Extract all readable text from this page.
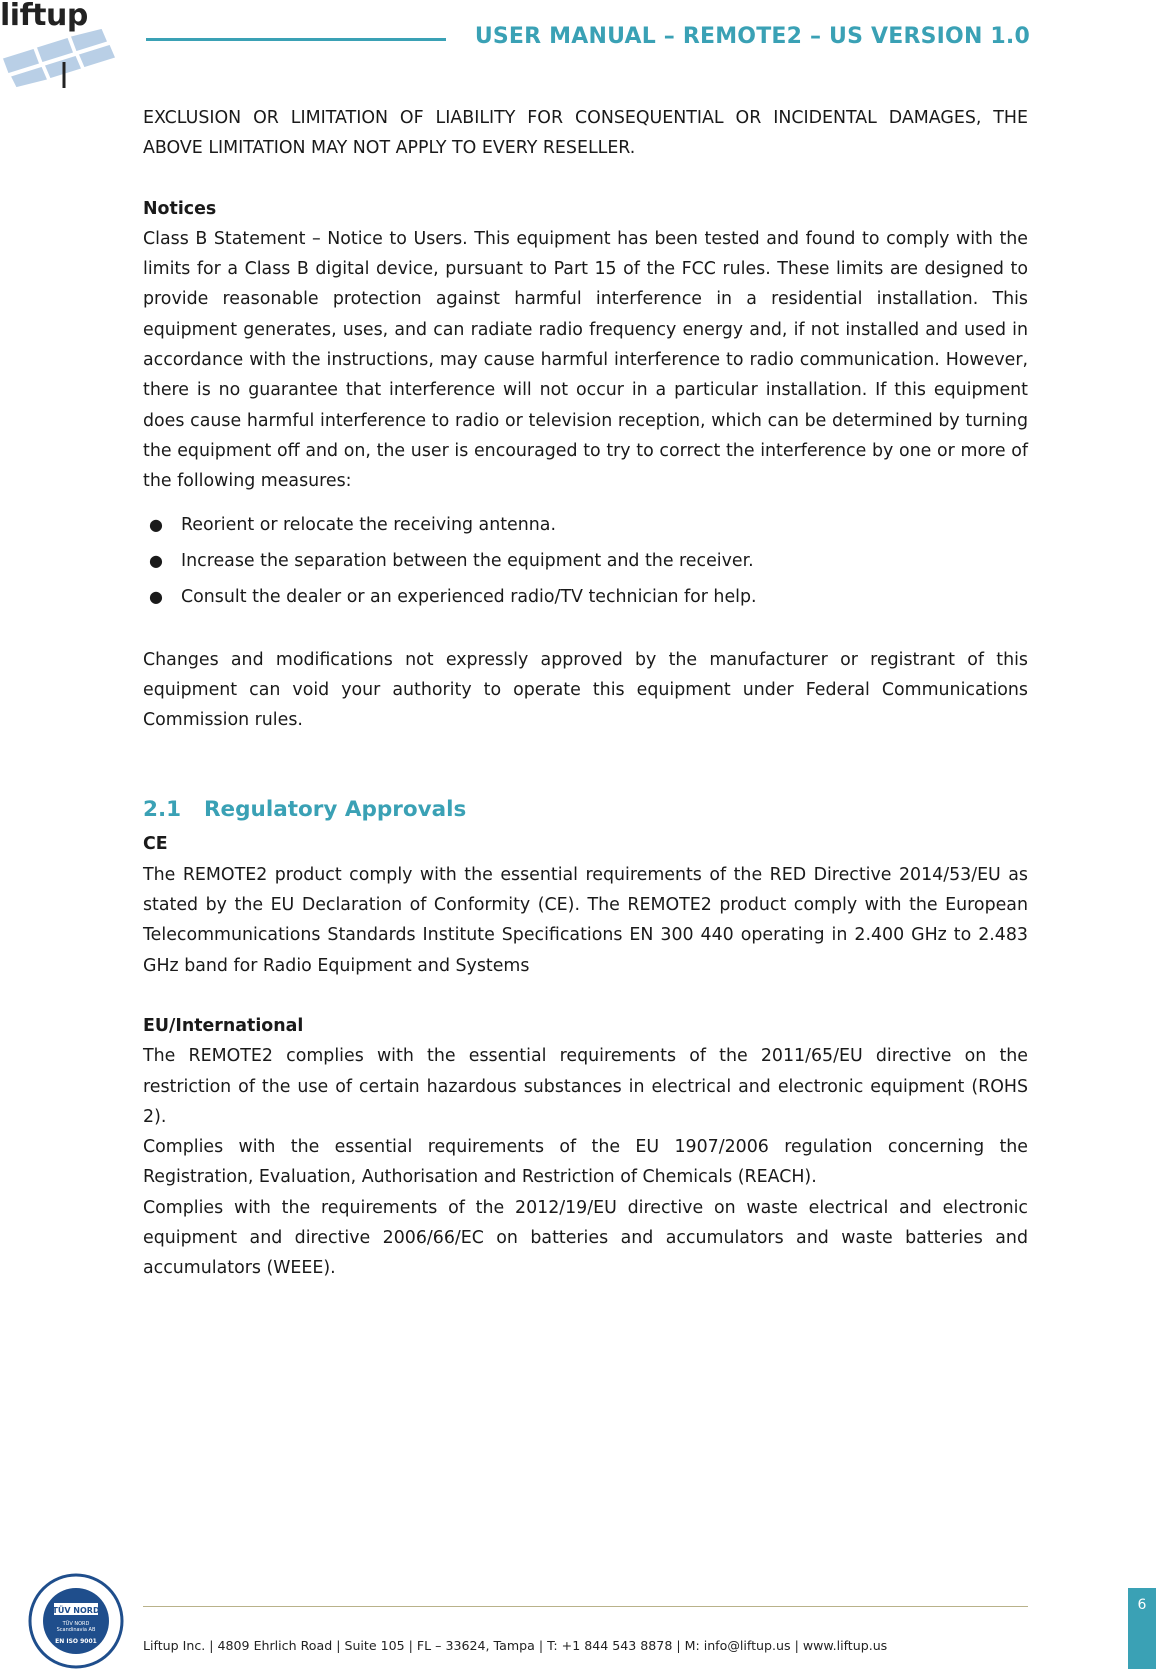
liftup
USER MANUAL – REMOTE2 – US VERSION 1.0

EXCLUSION OR LIMITATION OF LIABILITY FOR CONSEQUENTIAL OR INCIDENTAL DAMAGES, THE ABOVE LIMITATION MAY NOT APPLY TO EVERY RESELLER.

Notices

Class B Statement – Notice to Users. This equipment has been tested and found to comply with the limits for a Class B digital device, pursuant to Part 15 of the FCC rules. These limits are designed to provide reasonable protection against harmful interference in a residential installation. This equipment generates, uses, and can radiate radio frequency energy and, if not installed and used in accordance with the instructions, may cause harmful interference to radio communication. However, there is no guarantee that interference will not occur in a particular installation. If this equipment does cause harmful interference to radio or television reception, which can be determined by turning the equipment off and on, the user is encouraged to try to correct the interference by one or more of the following measures:

● Reorient or relocate the receiving antenna.
● Increase the separation between the equipment and the receiver.
● Consult the dealer or an experienced radio/TV technician for help.

Changes and modifications not expressly approved by the manufacturer or registrant of this equipment can void your authority to operate this equipment under Federal Communications Commission rules.

2.1 Regulatory Approvals
CE

The REMOTE2 product comply with the essential requirements of the RED Directive 2014/53/EU as stated by the EU Declaration of Conformity (CE). The REMOTE2 product comply with the European Telecommunications Standards Institute Specifications EN 300 440 operating in 2.400 GHz to 2.483 GHz band for Radio Equipment and Systems

EU/International

The REMOTE2 complies with the essential requirements of the 2011/65/EU directive on the restriction of the use of certain hazardous substances in electrical and electronic equipment (ROHS 2).

Complies with the essential requirements of the EU 1907/2006 regulation concerning the Registration, Evaluation, Authorisation and Restriction of Chemicals (REACH).

Complies with the requirements of the 2012/19/EU directive on waste electrical and electronic equipment and directive 2006/66/EC on batteries and accumulators and waste batteries and accumulators (WEEE).

TÜV NORD
TÜV NORD
Scandinavia AB
EN ISO 9001	Liftup Inc. | 4809 Ehrlich Road | Suite 105 | FL – 33624, Tampa | T: +1 844 543 8878 | M: info@liftup.us | www.liftup.us
6
